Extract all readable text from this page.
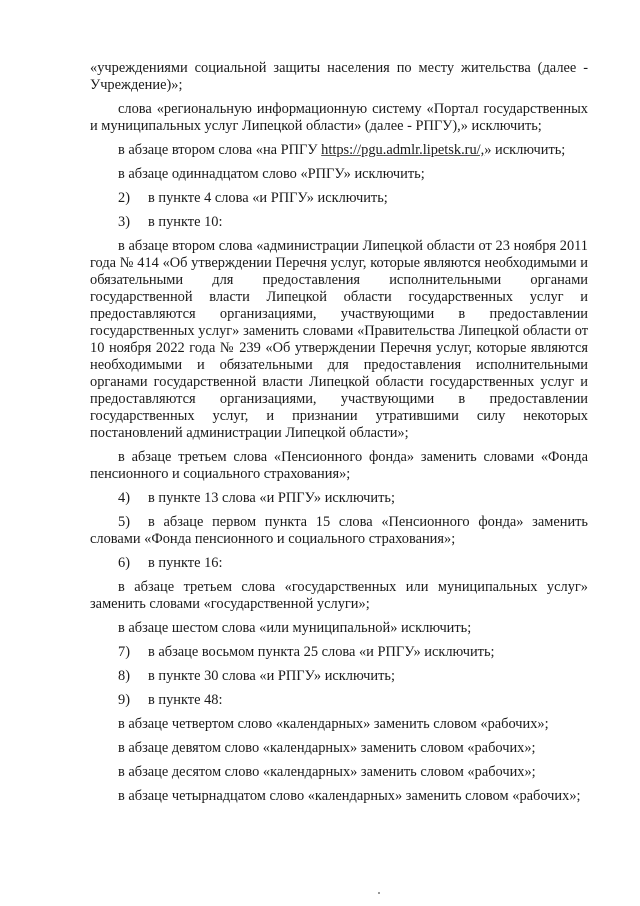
«учреждениями социальной защиты населения по месту жительства (далее - Учреждение)»;

слова «региональную информационную систему «Портал государственных и муниципальных услуг Липецкой области» (далее - РПГУ),» исключить;

в абзаце втором слова «на РПГУ https://pgu.admlr.lipetsk.ru/,» исключить;

в абзаце одиннадцатом слово «РПГУ» исключить;

2) в пункте 4 слова «и РПГУ» исключить;

3) в пункте 10:

в абзаце втором слова «администрации Липецкой области от 23 ноября 2011 года № 414 «Об утверждении Перечня услуг, которые являются необходимыми и обязательными для предоставления исполнительными органами государственной власти Липецкой области государственных услуг и предоставляются организациями, участвующими в предоставлении государственных услуг» заменить словами «Правительства Липецкой области от 10 ноября 2022 года № 239 «Об утверждении Перечня услуг, которые являются необходимыми и обязательными для предоставления исполнительными органами государственной власти Липецкой области государственных услуг и предоставляются организациями, участвующими в предоставлении государственных услуг, и признании утратившими силу некоторых постановлений администрации Липецкой области»;

в абзаце третьем слова «Пенсионного фонда» заменить словами «Фонда пенсионного и социального страхования»;

4) в пункте 13 слова «и РПГУ» исключить;

5) в абзаце первом пункта 15 слова «Пенсионного фонда» заменить словами «Фонда пенсионного и социального страхования»;

6) в пункте 16:

в абзаце третьем слова «государственных или муниципальных услуг» заменить словами «государственной услуги»;

в абзаце шестом слова «или муниципальной» исключить;

7) в абзаце восьмом пункта 25 слова «и РПГУ» исключить;

8) в пункте 30 слова «и РПГУ» исключить;

9) в пункте 48:

в абзаце четвертом слово «календарных» заменить словом «рабочих»;

в абзаце девятом слово «календарных» заменить словом «рабочих»;

в абзаце десятом слово «календарных» заменить словом «рабочих»;

в абзаце четырнадцатом слово «календарных» заменить словом «рабочих»;
